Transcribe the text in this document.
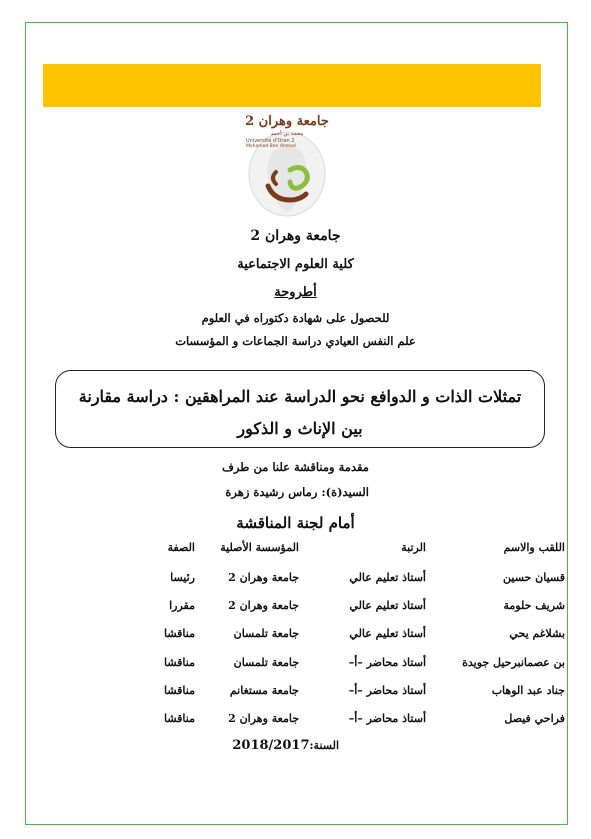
جامعة وهران 2
محمد بن أحمد
Université d'Oran 2
Mohamed Ben Ahmed
جامعة وهران 2
كلية العلوم الاجتماعية
أطروحة
للحصول على شهادة دكتوراه في العلوم
علم النفس العيادي دراسة الجماعات و المؤسسات
تمثلات الذات و الدوافع نحو الدراسة عند المراهقين : دراسة مقارنة بين الإناث و الذكور
مقدمة ومناقشة علنا من طرف
السيد(ة): رماس رشيدة زهرة
أمام لجنة المناقشة
اللقب والاسم
الرتبة
المؤسسة الأصلية
الصفة
قسيان حسين
أستاذ تعليم عالي
جامعة وهران 2
رئيسا
شريف حلومة
أستاذ تعليم عالي
جامعة وهران 2
مقررا
بشلاغم يحي
أستاذ تعليم عالي
جامعة تلمسان
مناقشا
بن عصمانبرحيل جويدة
أستاذ محاضر –أ–
جامعة تلمسان
مناقشا
جناد عبد الوهاب
أستاذ محاضر –أ–
جامعة مستغانم
مناقشا
فراحي فيصل
أستاذ محاضر –أ–
جامعة وهران 2
مناقشا
السنة:2018/2017
